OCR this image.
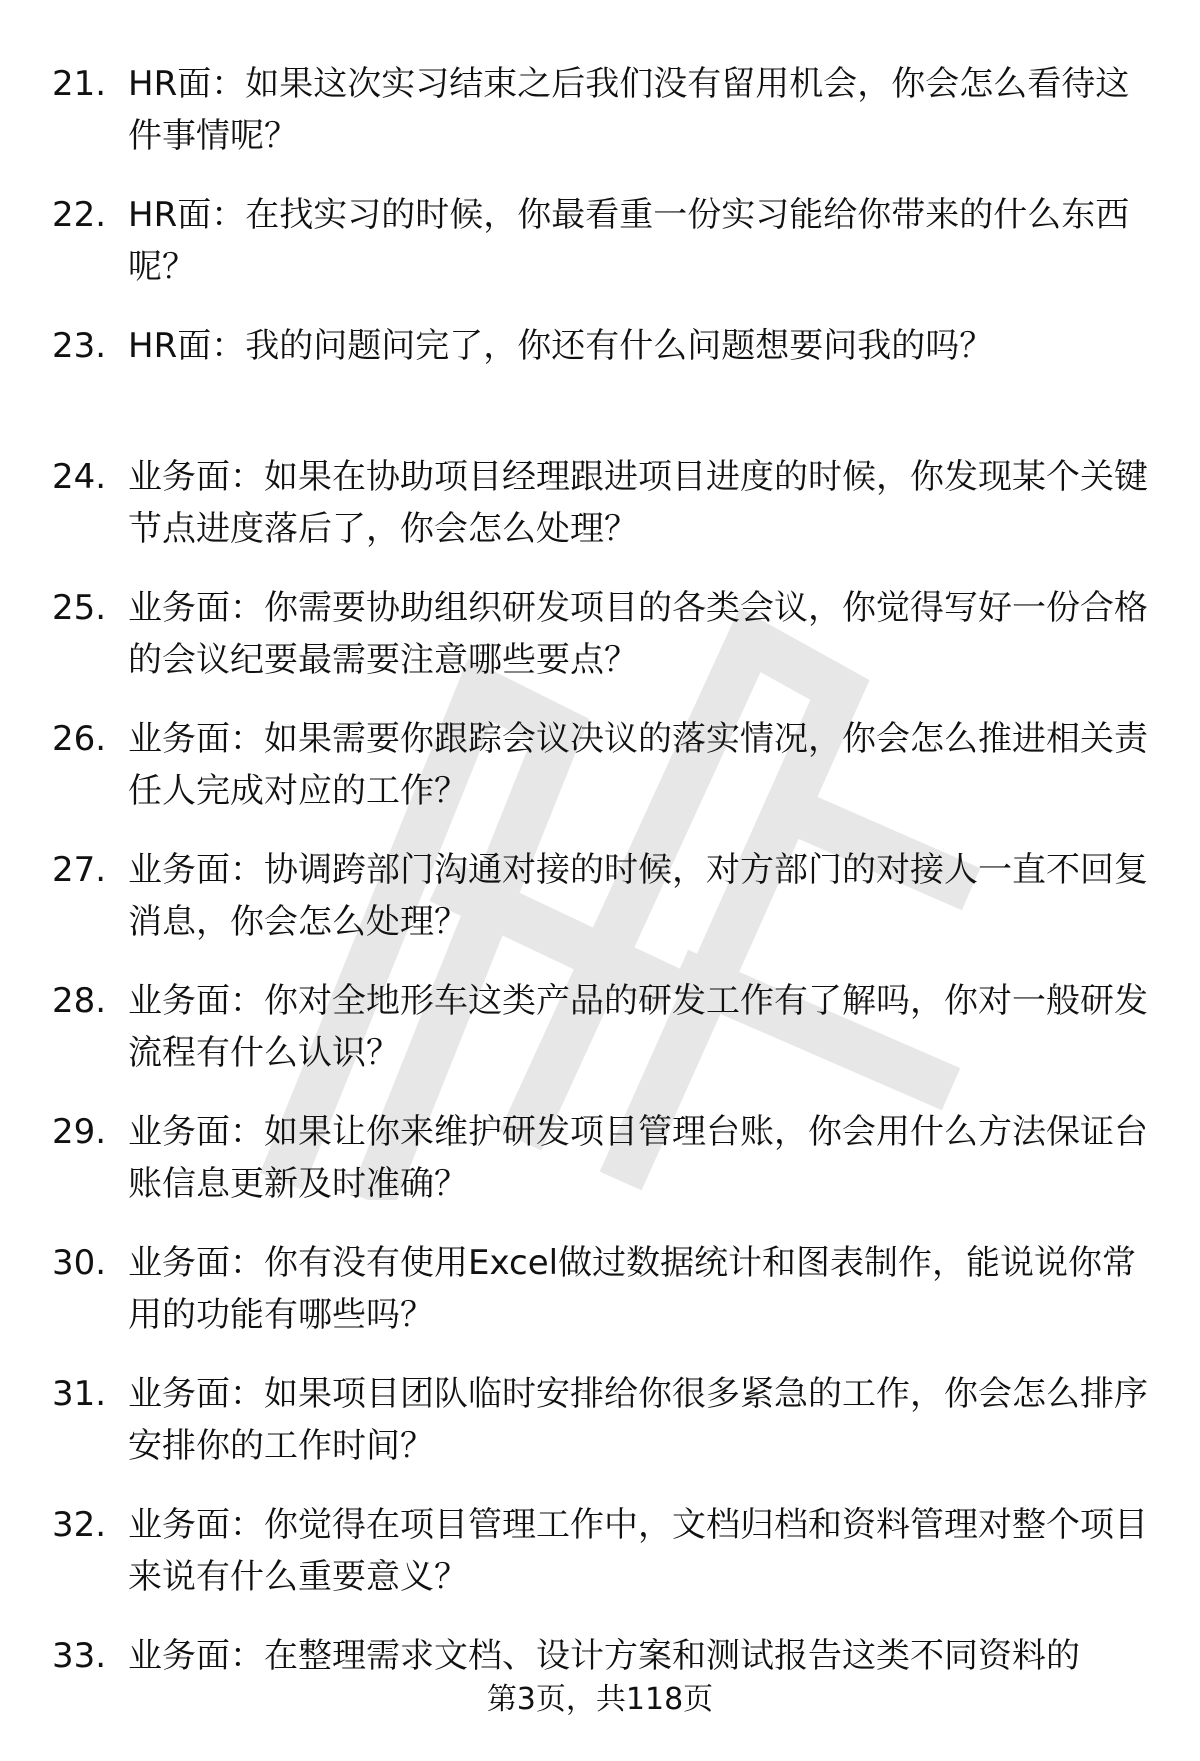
21. HR面：如果这次实习结束之后我们没有留用机会，你会怎么看待这件事情呢？
22. HR面：在找实习的时候，你最看重一份实习能给你带来的什么东西呢？
23. HR面：我的问题问完了，你还有什么问题想要问我的吗？
24. 业务面：如果在协助项目经理跟进项目进度的时候，你发现某个关键节点进度落后了，你会怎么处理？
25. 业务面：你需要协助组织研发项目的各类会议，你觉得写好一份合格的会议纪要最需要注意哪些要点？
26. 业务面：如果需要你跟踪会议决议的落实情况，你会怎么推进相关责任人完成对应的工作？
27. 业务面：协调跨部门沟通对接的时候，对方部门的对接人一直不回复消息，你会怎么处理？
28. 业务面：你对全地形车这类产品的研发工作有了解吗，你对一般研发流程有什么认识？
29. 业务面：如果让你来维护研发项目管理台账，你会用什么方法保证台账信息更新及时准确？
30. 业务面：你有没有使用Excel做过数据统计和图表制作，能说说你常用的功能有哪些吗？
31. 业务面：如果项目团队临时安排给你很多紧急的工作，你会怎么排序安排你的工作时间？
32. 业务面：你觉得在项目管理工作中，文档归档和资料管理对整个项目来说有什么重要意义？
33. 业务面：在整理需求文档、设计方案和测试报告这类不同资料的
第3页，共118页
